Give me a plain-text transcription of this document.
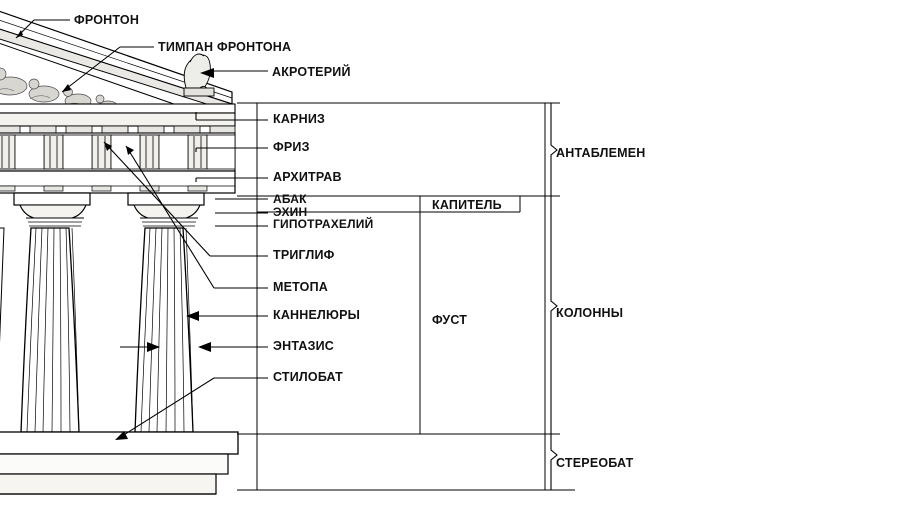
ФРОНТОН
ТИМПАН ФРОНТОНА
АКРОТЕРИЙ
КАРНИЗ
ФРИЗ
АРХИТРАВ
АБАК
ЭХИН
ГИПОТРАХЕЛИЙ
ТРИГЛИФ
МЕТОПА
КАННЕЛЮРЫ
ЭНТАЗИС
СТИЛОБАТ
КАПИТЕЛЬ
ФУСТ
АНТАБЛЕМЕН
КОЛОННЫ
СТЕРЕОБАТ
